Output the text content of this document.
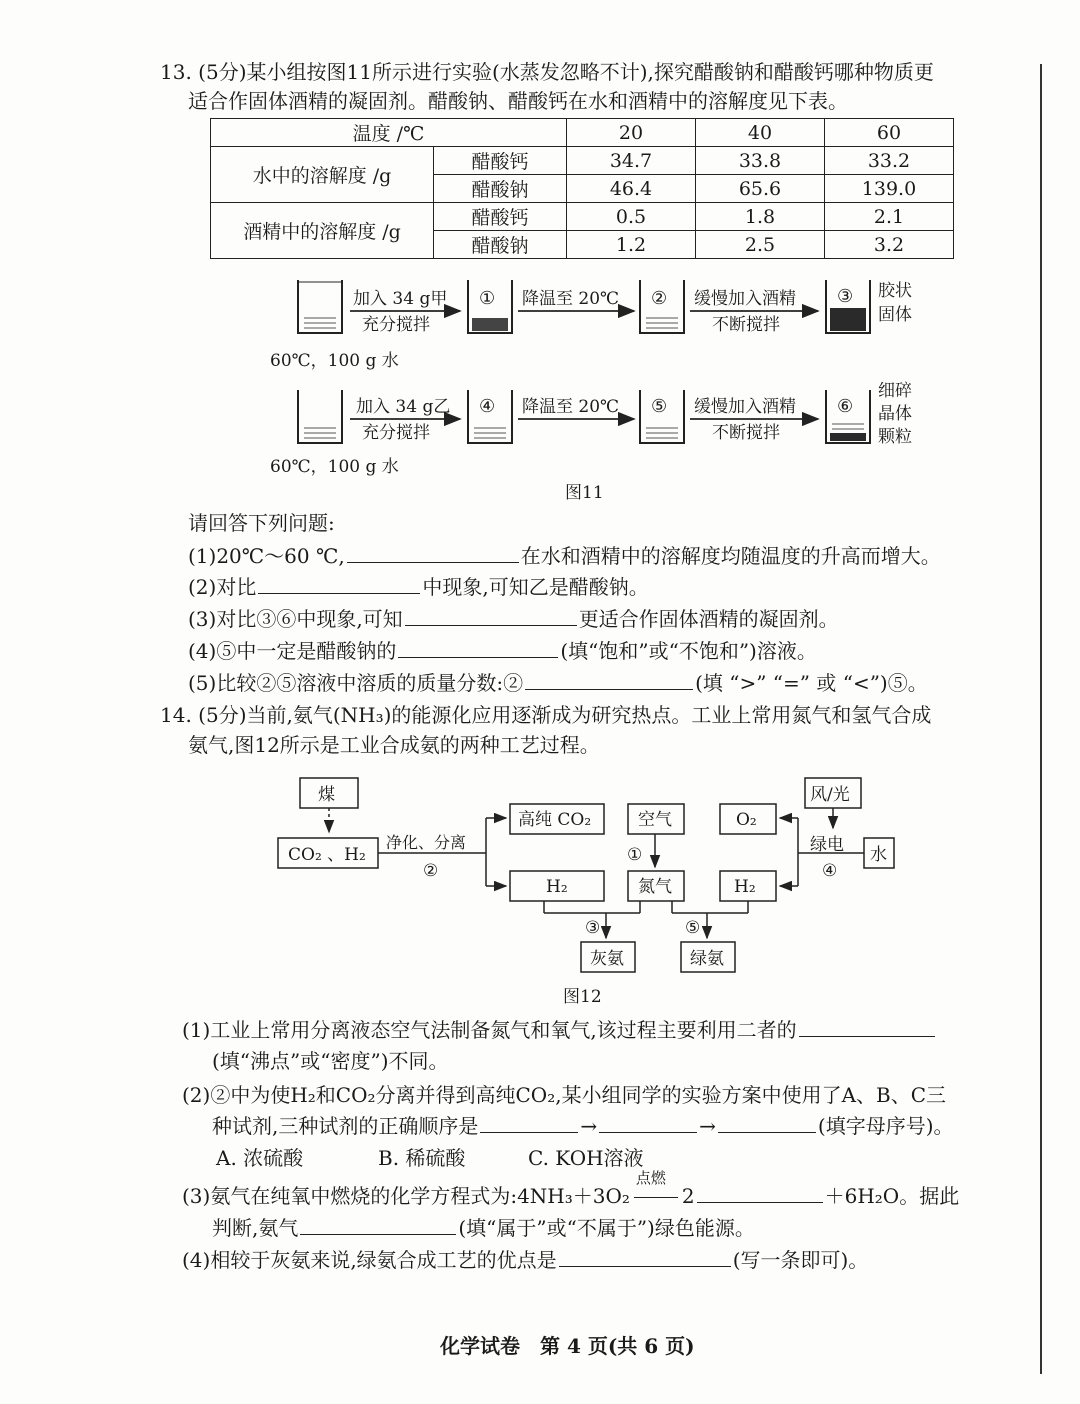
13. (5分)某小组按图11所示进行实验(水蒸发忽略不计),探究醋酸钠和醋酸钙哪种物质更
适合作固体酒精的凝固剂。醋酸钠、醋酸钙在水和酒精中的溶解度见下表。
温度 /℃		20	40	60
水中的溶解度 /g	醋酸钙	34.7	33.8	33.2
	醋酸钠	46.4	65.6	139.0
酒精中的溶解度 /g	醋酸钙	0.5	1.8	2.1
	醋酸钠	1.2	2.5	3.2
加入 34 g甲
充分搅拌
① 降温至 20℃ ② 缓慢加入酒精
不断搅拌
③ 胶状
固体
60℃，100 g 水
加入 34 g乙
充分搅拌
④ 降温至 20℃ ⑤ 缓慢加入酒精
不断搅拌
⑥
细碎
晶体
颗粒
60℃，100 g 水
图11
请回答下列问题:
(1)20℃～60 ℃,	在水和酒精中的溶解度均随温度的升高而增大。
(2)对比	中现象,可知乙是醋酸钠。
(3)对比③⑥中现象,可知	更适合作固体酒精的凝固剂。
(4)⑤中一定是醋酸钠的	(填“饱和”或“不饱和”)溶液。
(5)比较②⑤溶液中溶质的质量分数:②	(填 “>” “=” 或 “<”)⑤。
14. (5分)当前,氨气(NH₃)的能源化应用逐渐成为研究热点。工业上常用氮气和氢气合成
氨气,图12所示是工业合成氨的两种工艺过程。
煤
CO₂ 、H₂
净化、分离
②
高纯 CO₂
H₂
空气
①
氮气
O₂
H₂
风/光
绿电
④
水
③	⑤
灰氨	绿氨
图12
(1)工业上常用分离液态空气法制备氮气和氧气,该过程主要利用二者的
(填“沸点”或“密度”)不同。
(2)②中为使H₂和CO₂分离并得到高纯CO₂,某小组同学的实验方案中使用了A、B、C三
种试剂,三种试剂的正确顺序是	→	→	(填字母序号)。
A. 浓硫酸	B. 稀硫酸	C. KOH溶液
(3)氨气在纯氧中燃烧的化学方程式为:4NH₃＋3O₂
点燃
2	＋6H₂O。据此
判断,氨气	(填“属于”或“不属于”)绿色能源。
(4)相较于灰氨来说,绿氨合成工艺的优点是	(写一条即可)。
化学试卷　第 4 页(共 6 页)
